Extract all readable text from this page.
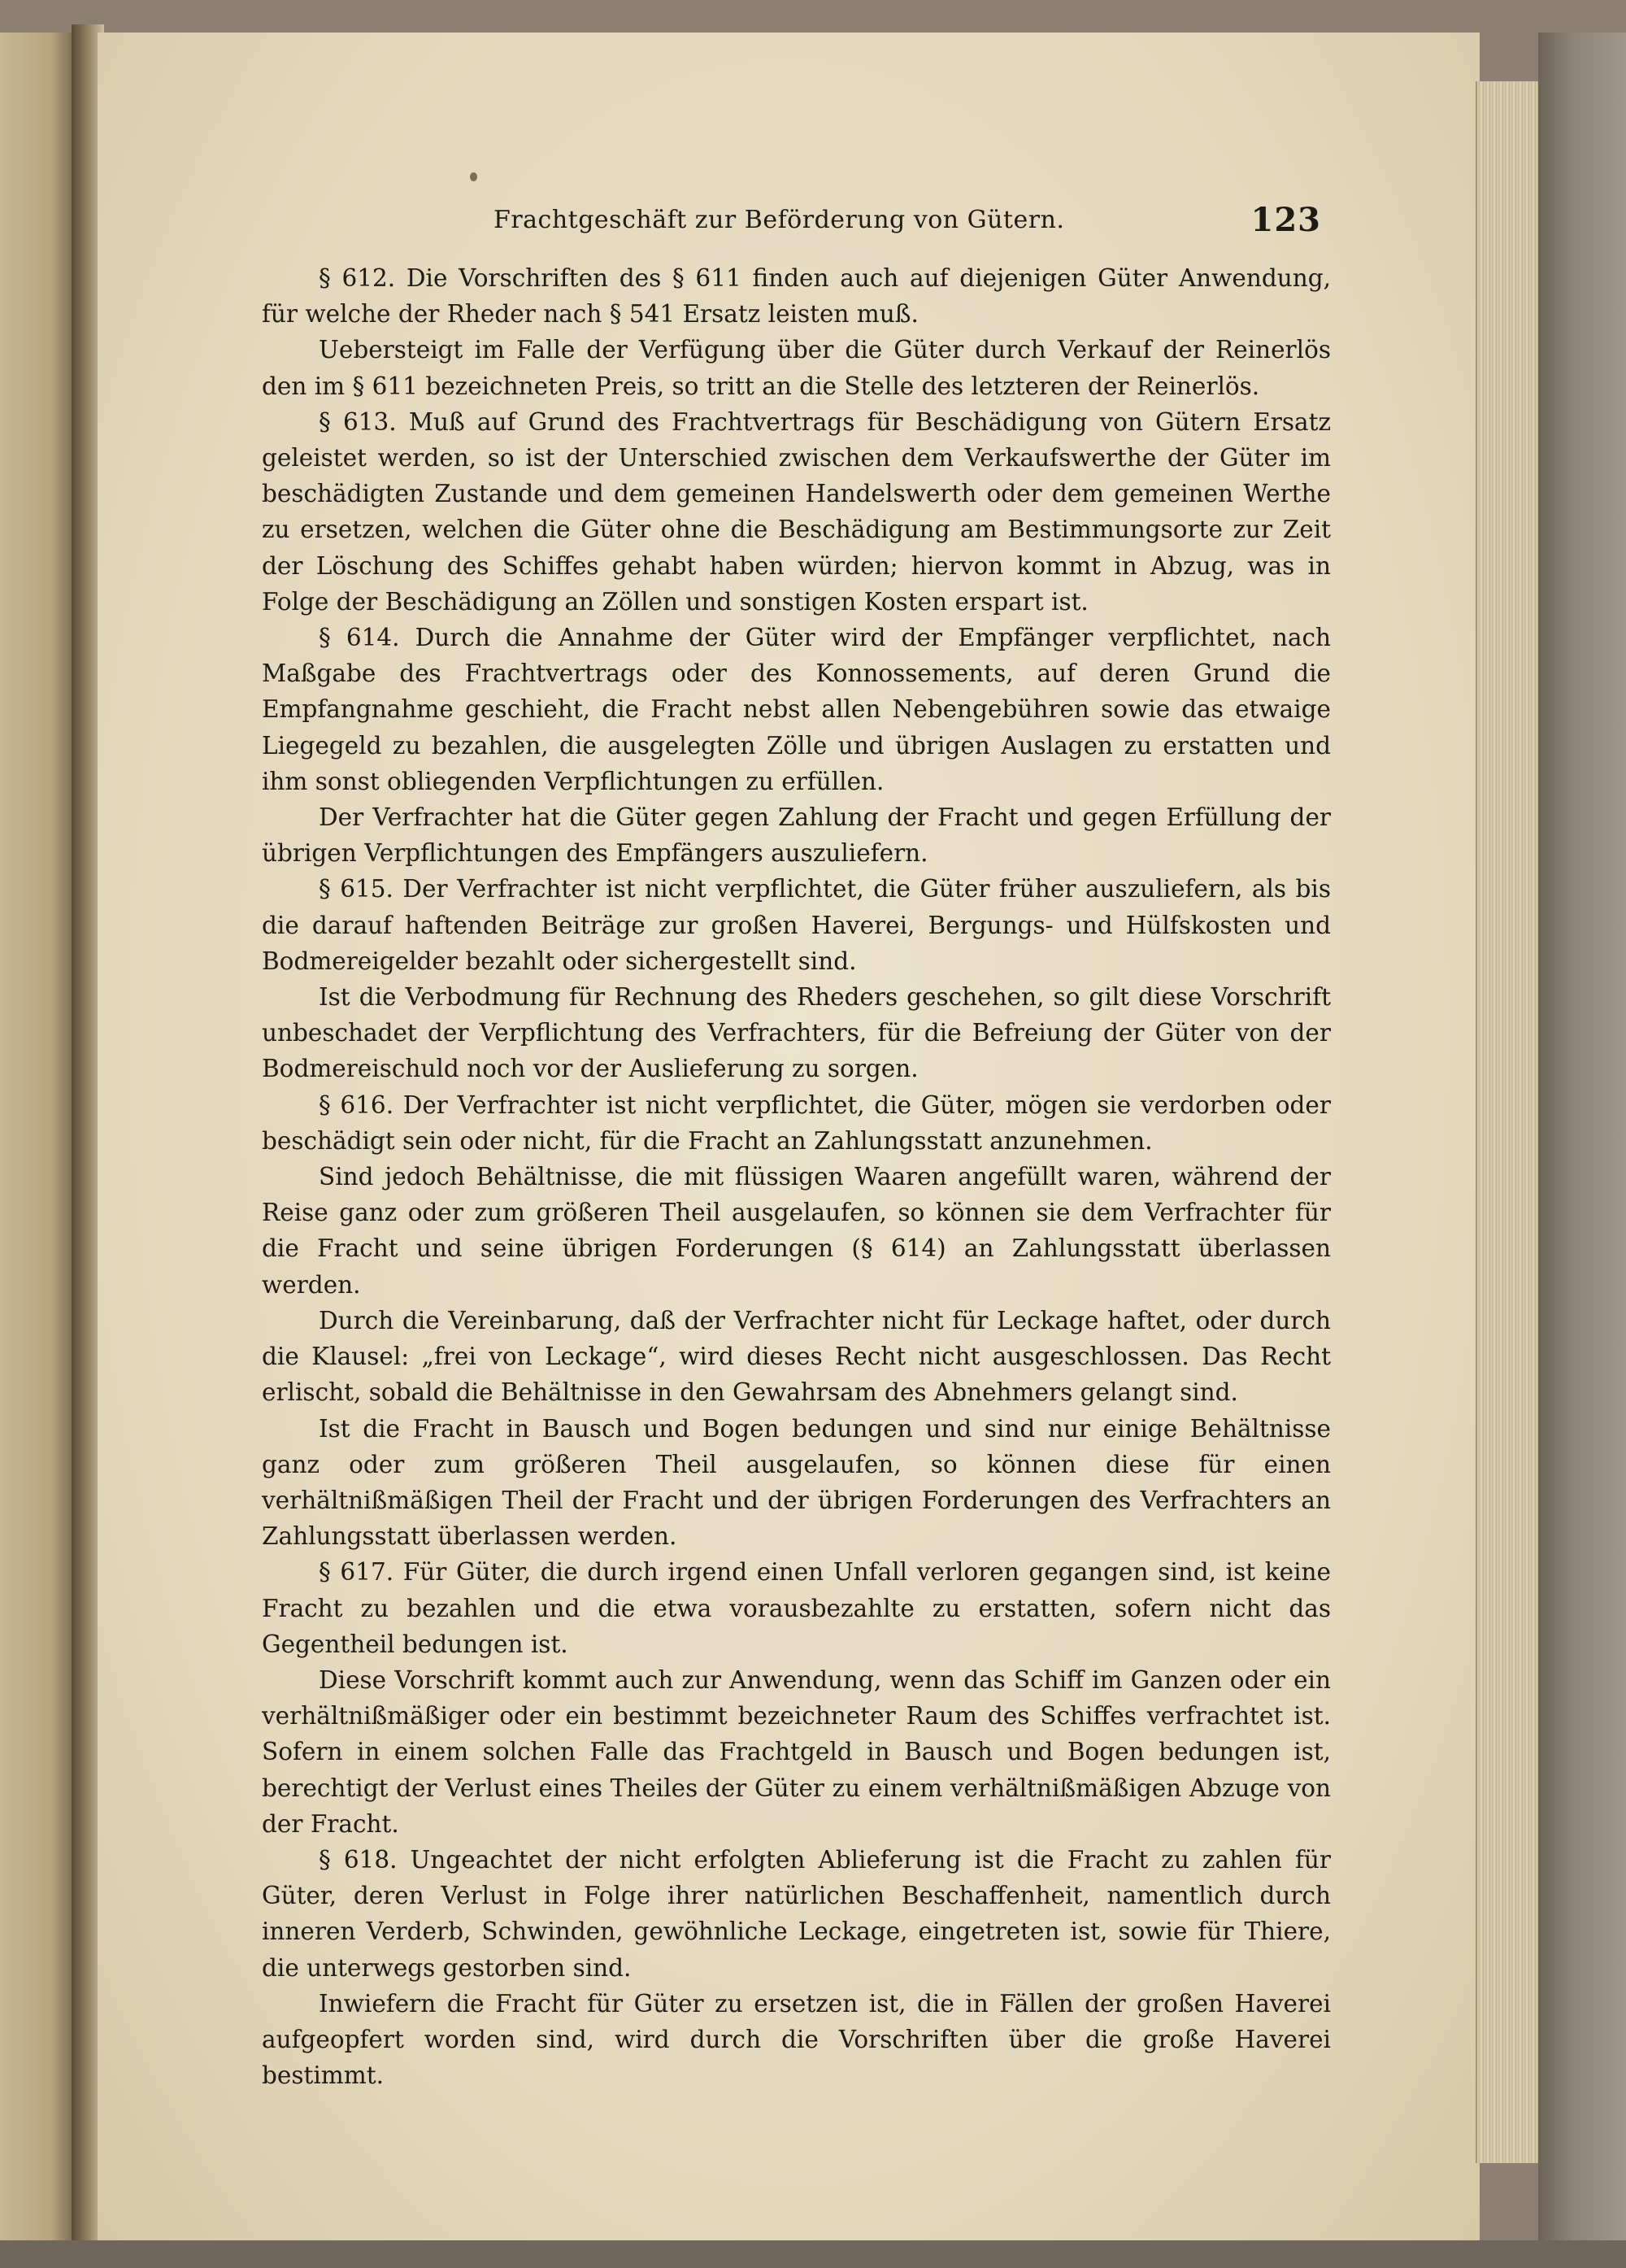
Frachtgeschäft zur Beförderung von Gütern.	123

§ 612. Die Vorschriften des § 611 finden auch auf diejenigen Güter Anwendung, für welche der Rheder nach § 541 Ersatz leisten muß.

Uebersteigt im Falle der Verfügung über die Güter durch Verkauf der Reinerlös den im § 611 bezeichneten Preis, so tritt an die Stelle des letzteren der Reinerlös.

§ 613. Muß auf Grund des Frachtvertrags für Beschädigung von Gütern Ersatz geleistet werden, so ist der Unterschied zwischen dem Verkaufswerthe der Güter im beschädigten Zustande und dem gemeinen Handelswerth oder dem gemeinen Werthe zu ersetzen, welchen die Güter ohne die Beschädigung am Bestimmungsorte zur Zeit der Löschung des Schiffes gehabt haben würden; hiervon kommt in Abzug, was in Folge der Beschädigung an Zöllen und sonstigen Kosten erspart ist.

§ 614. Durch die Annahme der Güter wird der Empfänger verpflichtet, nach Maßgabe des Frachtvertrags oder des Konnossements, auf deren Grund die Empfangnahme geschieht, die Fracht nebst allen Nebengebühren sowie das etwaige Liegegeld zu bezahlen, die ausgelegten Zölle und übrigen Auslagen zu erstatten und ihm sonst obliegenden Verpflichtungen zu erfüllen.

Der Verfrachter hat die Güter gegen Zahlung der Fracht und gegen Erfüllung der übrigen Verpflichtungen des Empfängers auszuliefern.

§ 615. Der Verfrachter ist nicht verpflichtet, die Güter früher auszuliefern, als bis die darauf haftenden Beiträge zur großen Haverei, Bergungs- und Hülfskosten und Bodmereigelder bezahlt oder sichergestellt sind.

Ist die Verbodmung für Rechnung des Rheders geschehen, so gilt diese Vorschrift unbeschadet der Verpflichtung des Verfrachters, für die Befreiung der Güter von der Bodmereischuld noch vor der Auslieferung zu sorgen.

§ 616. Der Verfrachter ist nicht verpflichtet, die Güter, mögen sie verdorben oder beschädigt sein oder nicht, für die Fracht an Zahlungsstatt anzunehmen.

Sind jedoch Behältnisse, die mit flüssigen Waaren angefüllt waren, während der Reise ganz oder zum größeren Theil ausgelaufen, so können sie dem Verfrachter für die Fracht und seine übrigen Forderungen (§ 614) an Zahlungsstatt überlassen werden.

Durch die Vereinbarung, daß der Verfrachter nicht für Leckage haftet, oder durch die Klausel: „frei von Leckage“, wird dieses Recht nicht ausgeschlossen. Das Recht erlischt, sobald die Behältnisse in den Gewahrsam des Abnehmers gelangt sind.

Ist die Fracht in Bausch und Bogen bedungen und sind nur einige Behältnisse ganz oder zum größeren Theil ausgelaufen, so können diese für einen verhältnißmäßigen Theil der Fracht und der übrigen Forderungen des Verfrachters an Zahlungsstatt überlassen werden.

§ 617. Für Güter, die durch irgend einen Unfall verloren gegangen sind, ist keine Fracht zu bezahlen und die etwa vorausbezahlte zu erstatten, sofern nicht das Gegentheil bedungen ist.

Diese Vorschrift kommt auch zur Anwendung, wenn das Schiff im Ganzen oder ein verhältnißmäßiger oder ein bestimmt bezeichneter Raum des Schiffes verfrachtet ist. Sofern in einem solchen Falle das Frachtgeld in Bausch und Bogen bedungen ist, berechtigt der Verlust eines Theiles der Güter zu einem verhältnißmäßigen Abzuge von der Fracht.

§ 618. Ungeachtet der nicht erfolgten Ablieferung ist die Fracht zu zahlen für Güter, deren Verlust in Folge ihrer natürlichen Beschaffenheit, namentlich durch inneren Verderb, Schwinden, gewöhnliche Leckage, eingetreten ist, sowie für Thiere, die unterwegs gestorben sind.

Inwiefern die Fracht für Güter zu ersetzen ist, die in Fällen der großen Haverei aufgeopfert worden sind, wird durch die Vorschriften über die große Haverei bestimmt.
